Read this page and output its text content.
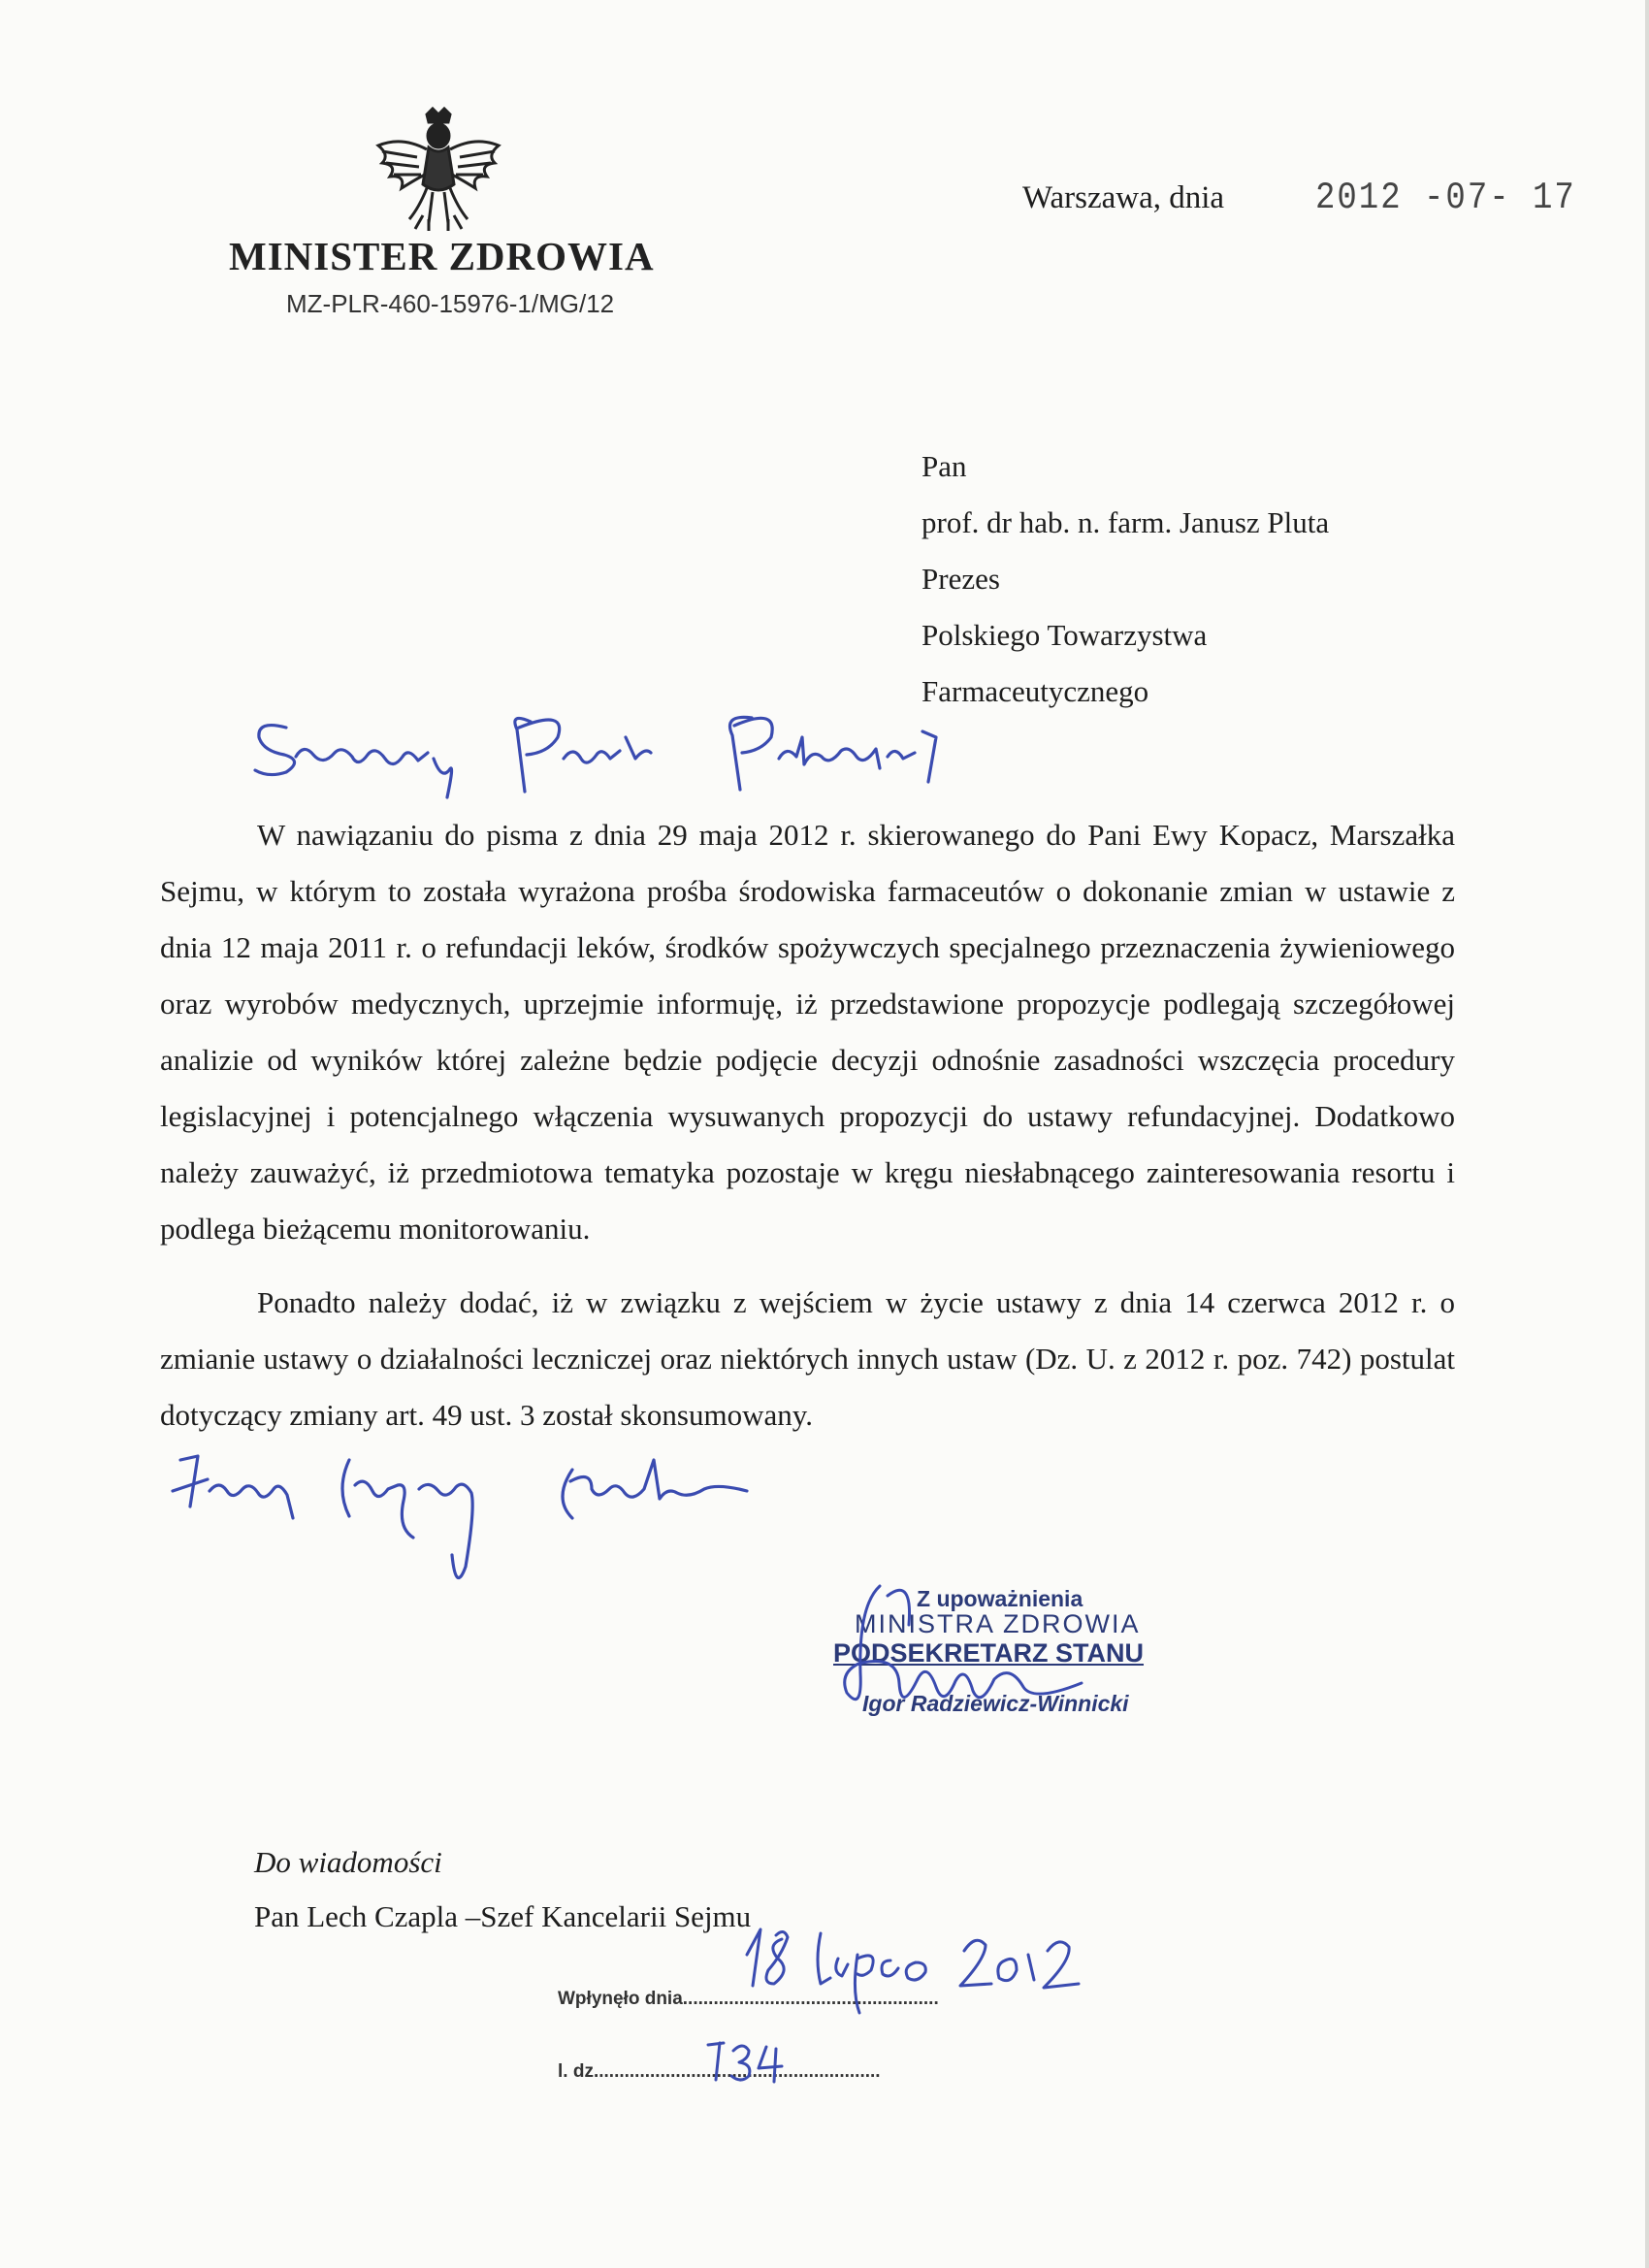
MINISTER ZDROWIA
MZ-PLR-460-15976-1/MG/12
Warszawa, dnia	2012 -07- 17
Pan
prof. dr hab. n. farm. Janusz Pluta
Prezes
Polskiego Towarzystwa
Farmaceutycznego

W nawiązaniu do pisma z dnia 29 maja 2012 r. skierowanego do Pani Ewy Kopacz, Marszałka Sejmu, w którym to została wyrażona prośba środowiska farmaceutów o dokonanie zmian w ustawie z dnia 12 maja 2011 r. o refundacji leków, środków spożywczych specjalnego przeznaczenia żywieniowego oraz wyrobów medycznych, uprzejmie informuję, iż przedstawione propozycje podlegają szczegółowej analizie od wyników której zależne będzie podjęcie decyzji odnośnie zasadności wszczęcia procedury legislacyjnej i potencjalnego włączenia wysuwanych propozycji do ustawy refundacyjnej. Dodatkowo należy zauważyć, iż przedmiotowa tematyka pozostaje w kręgu niesłabnącego zainteresowania resortu i podlega bieżącemu monitorowaniu.

Ponadto należy dodać, iż w związku z wejściem w życie ustawy z dnia 14 czerwca 2012 r. o zmianie ustawy o działalności leczniczej oraz niektórych innych ustaw (Dz. U. z 2012 r. poz. 742) postulat dotyczący zmiany art. 49 ust. 3 został skonsumowany.

Z upoważnienia
MINISTRA ZDROWIA
PODSEKRETARZ STANU
Igor Radziewicz-Winnicki
Do wiadomości
Pan Lech Czapla –Szef Kancelarii Sejmu
Wpłynęło dnia..................................................
l. dz........................................................
